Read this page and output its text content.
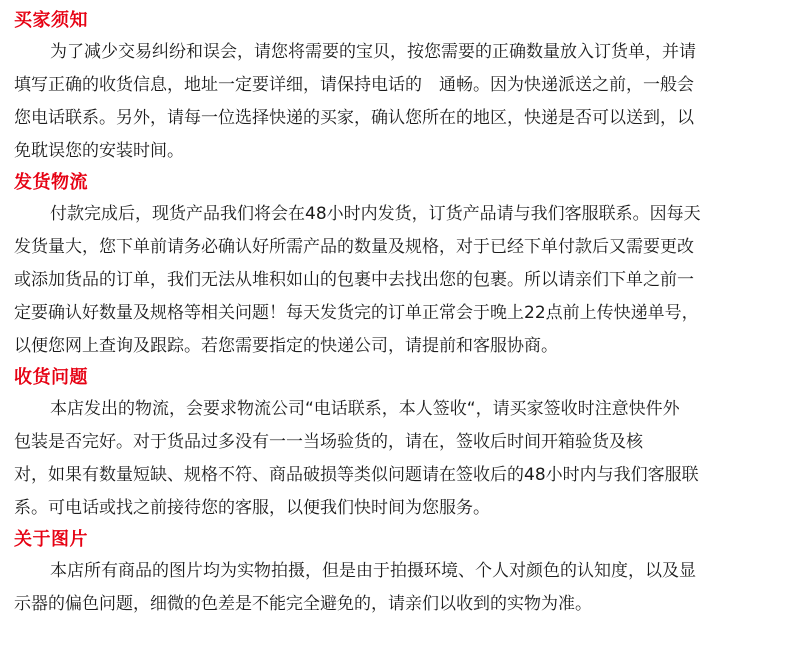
买家须知

为了减少交易纠纷和误会，请您将需要的宝贝，按您需要的正确数量放入订货单，并请

填写正确的收货信息，地址一定要详细，请保持电话的　通畅。因为快递派送之前，一般会

您电话联系。另外，请每一位选择快递的买家，确认您所在的地区，快递是否可以送到，以

免耽误您的安装时间。

发货物流

付款完成后，现货产品我们将会在48小时内发货，订货产品请与我们客服联系。因每天

发货量大，您下单前请务必确认好所需产品的数量及规格，对于已经下单付款后又需要更改

或添加货品的订单，我们无法从堆积如山的包裹中去找出您的包裹。所以请亲们下单之前一

定要确认好数量及规格等相关问题！每天发货完的订单正常会于晚上22点前上传快递单号，

以便您网上查询及跟踪。若您需要指定的快递公司，请提前和客服协商。

收货问题

本店发出的物流，会要求物流公司“电话联系，本人签收“，请买家签收时注意快件外

包装是否完好。对于货品过多没有一一当场验货的，请在，签收后时间开箱验货及核

对，如果有数量短缺、规格不符、商品破损等类似问题请在签收后的48小时内与我们客服联

系。可电话或找之前接待您的客服，以便我们快时间为您服务。

关于图片

本店所有商品的图片均为实物拍摄，但是由于拍摄环境、个人对颜色的认知度，以及显

示器的偏色问题，细微的色差是不能完全避免的，请亲们以收到的实物为准。
